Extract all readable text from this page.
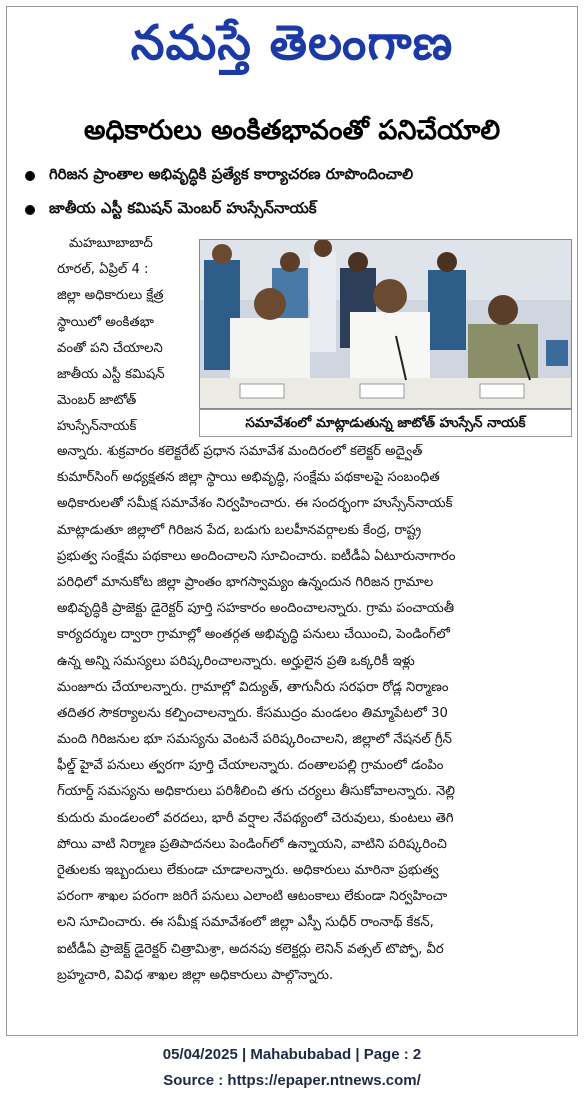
నమస్తే తెలంగాణ
అధికారులు అంకితభావంతో పనిచేయాలి
గిరిజన ప్రాంతాల అభివృద్ధికి ప్రత్యేక కార్యాచరణ రూపొందించాలి
జాతీయ ఎస్టీ కమిషన్ మెంబర్ హుస్సేన్‌నాయక్
మహబూబాబాద్
రూరల్, ఏప్రిల్ 4 :
జిల్లా అధికారులు క్షేత్ర
స్థాయిలో అంకితభా
వంతో పని చేయాలని
జాతీయ ఎస్టీ కమిషన్
మెంబర్ జాటోత్
హుస్సేన్‌నాయక్	సమావేశంలో మాట్లాడుతున్న జాటోత్ హుస్సేన్ నాయక్
అన్నారు. శుక్రవారం కలెక్టరేట్ ప్రధాన సమావేశ మందిరంలో కలెక్టర్ అద్వైత్
కుమార్‌సింగ్ అధ్యక్షతన జిల్లా స్థాయి అభివృద్ధి, సంక్షేమ పథకాలపై సంబంధిత
అధికారులతో సమీక్ష సమావేశం నిర్వహించారు. ఈ సందర్భంగా హుస్సేన్‌నాయక్
మాట్లాడుతూ జిల్లాలో గిరిజన పేద, బడుగు బలహీనవర్గాలకు కేంద్ర, రాష్ట్ర
ప్రభుత్వ సంక్షేమ పథకాలు అందించాలని సూచించారు. ఐటీడీఏ ఏటూరునాగారం
పరిధిలో మానుకోట జిల్లా ప్రాంతం భాగస్వామ్యం ఉన్నందున గిరిజన గ్రామాల
అభివృద్ధికి ప్రాజెక్టు డైరెక్టర్ పూర్తి సహకారం అందించాలన్నారు. గ్రామ పంచాయతీ
కార్యదర్శుల ద్వారా గ్రామాల్లో అంతర్గత అభివృద్ధి పనులు చేయించి, పెండింగ్‌లో
ఉన్న అన్ని సమస్యలు పరిష్కరించాలన్నారు. అర్హులైన ప్రతి ఒక్కరికీ ఇళ్లు
మంజూరు చేయాలన్నారు. గ్రామాల్లో విద్యుత్, తాగునీరు సరఫరా రోడ్ల నిర్మాణం
తదితర సౌకర్యాలను కల్పించాలన్నారు. కేసముద్రం మండలం తిమ్మాపేటలో 30
మంది గిరిజనుల భూ సమస్యను వెంటనే పరిష్కరించాలని, జిల్లాలో నేషనల్ గ్రీన్
ఫీల్డ్ హైవే పనులు త్వరగా పూర్తి చేయాలన్నారు. దంతాలపల్లి గ్రామంలో డంపిం
గ్‌యార్డ్ సమస్యను అధికారులు పరిశీలించి తగు చర్యలు తీసుకోవాలన్నారు. నెల్లి
కుదురు మండలంలో వరదలు, భారీ వర్షాల నేపథ్యంలో చెరువులు, కుంటలు తెగి
పోయి వాటి నిర్మాణ ప్రతిపాదనలు పెండింగ్‌లో ఉన్నాయని, వాటిని పరిష్కరించి
రైతులకు ఇబ్బందులు లేకుండా చూడాలన్నారు. అధికారులు మారినా ప్రభుత్వ
పరంగా శాఖల పరంగా జరిగే పనులు ఎలాంటి ఆటంకాలు లేకుండా నిర్వహించా
లని సూచించారు. ఈ సమీక్ష సమావేశంలో జిల్లా ఎస్పీ సుధీర్ రాంనాథ్ కేకన్,
ఐటీడీఏ ప్రాజెక్ట్ డైరెక్టర్ చిత్రామిశ్రా, అదనపు కలెక్టర్లు లెనిన్ వత్సల్ టొప్పో, వీర
బ్రహ్మచారి, వివిధ శాఖల జిల్లా అధికారులు పాల్గొన్నారు.
05/04/2025 | Mahabubabad | Page : 2
Source : https://epaper.ntnews.com/
